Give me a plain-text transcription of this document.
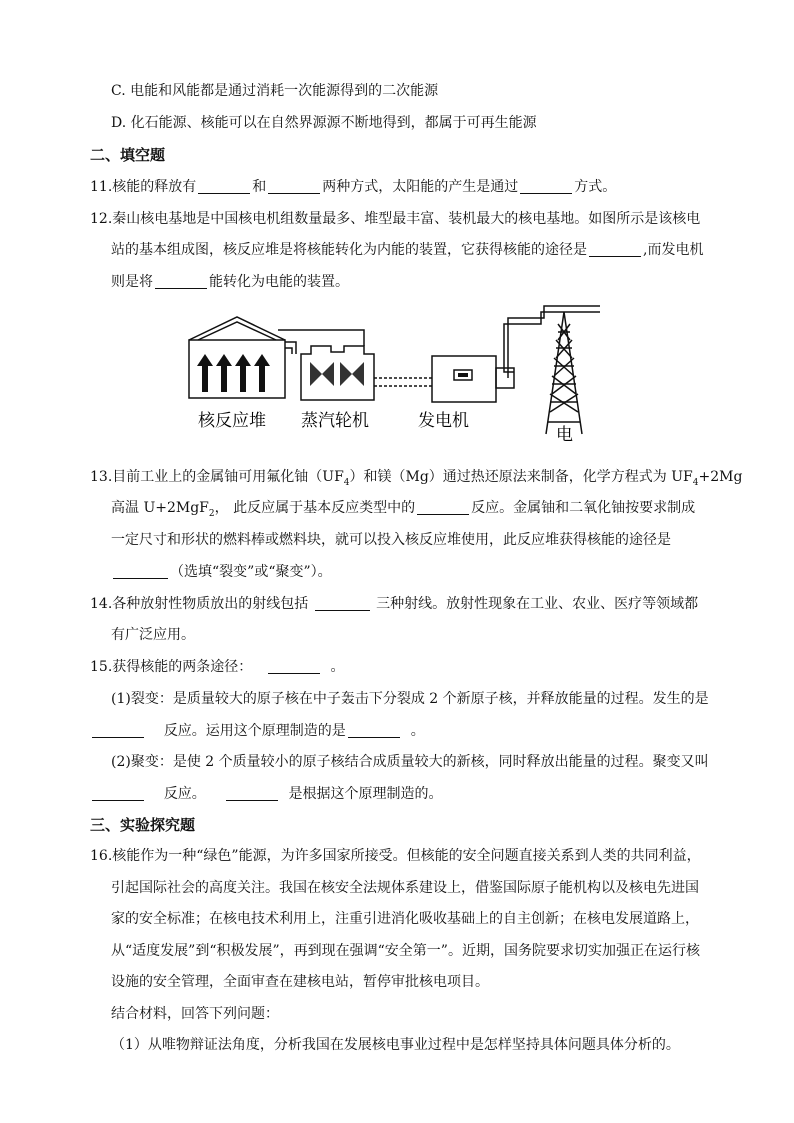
C. 电能和风能都是通过消耗一次能源得到的二次能源
D. 化石能源、核能可以在自然界源源不断地得到，都属于可再生能源
二、填空题
11.核能的释放有	和	两种方式，太阳能的产生是通过	方式。
12.秦山核电基地是中国核电机组数量最多、堆型最丰富、装机最大的核电基地。如图所示是该核电
站的基本组成图，核反应堆是将核能转化为内能的装置，它获得核能的途径是	,而发电机
则是将	能转化为电能的装置。
核反应堆 蒸汽轮机	发电机
电
13.目前工业上的金属铀可用氟化铀$(UF_4)$和镁（Mg）通过热还原法来制备，化学方程式为 $UF_4+2Mg$
高温 U+2MgF$_2$， 此反应属于基本反应类型中的	反应。金属铀和二氧化铀按要求制成
一定尺寸和形状的燃料棒或燃料块，就可以投入核反应堆使用，此反应堆获得核能的途径是
（选填“裂变”或“聚变”）。
14.各种放射性物质放出的射线包括	三种射线。放射性现象在工业、农业、医疗等领域都
有广泛应用。
15.获得核能的两条途径：	。
(1)裂变：是质量较大的原子核在中子轰击下分裂成 2 个新原子核，并释放能量的过程。发生的是
反应。运用这个原理制造的是	。
(2)聚变：是使 2 个质量较小的原子核结合成质量较大的新核，同时释放出能量的过程。聚变又叫
反应。	是根据这个原理制造的。
三、实验探究题
16.核能作为一种“绿色”能源，为许多国家所接受。但核能的安全问题直接关系到人类的共同利益，
引起国际社会的高度关注。我国在核安全法规体系建设上，借鉴国际原子能机构以及核电先进国
家的安全标准；在核电技术利用上，注重引进消化吸收基础上的自主创新；在核电发展道路上，
从“适度发展”到“积极发展”，再到现在强调“安全第一”。近期，国务院要求切实加强正在运行核
设施的安全管理，全面审查在建核电站，暂停审批核电项目。
结合材料，回答下列问题：
（1）从唯物辩证法角度，分析我国在发展核电事业过程中是怎样坚持具体问题具体分析的。
